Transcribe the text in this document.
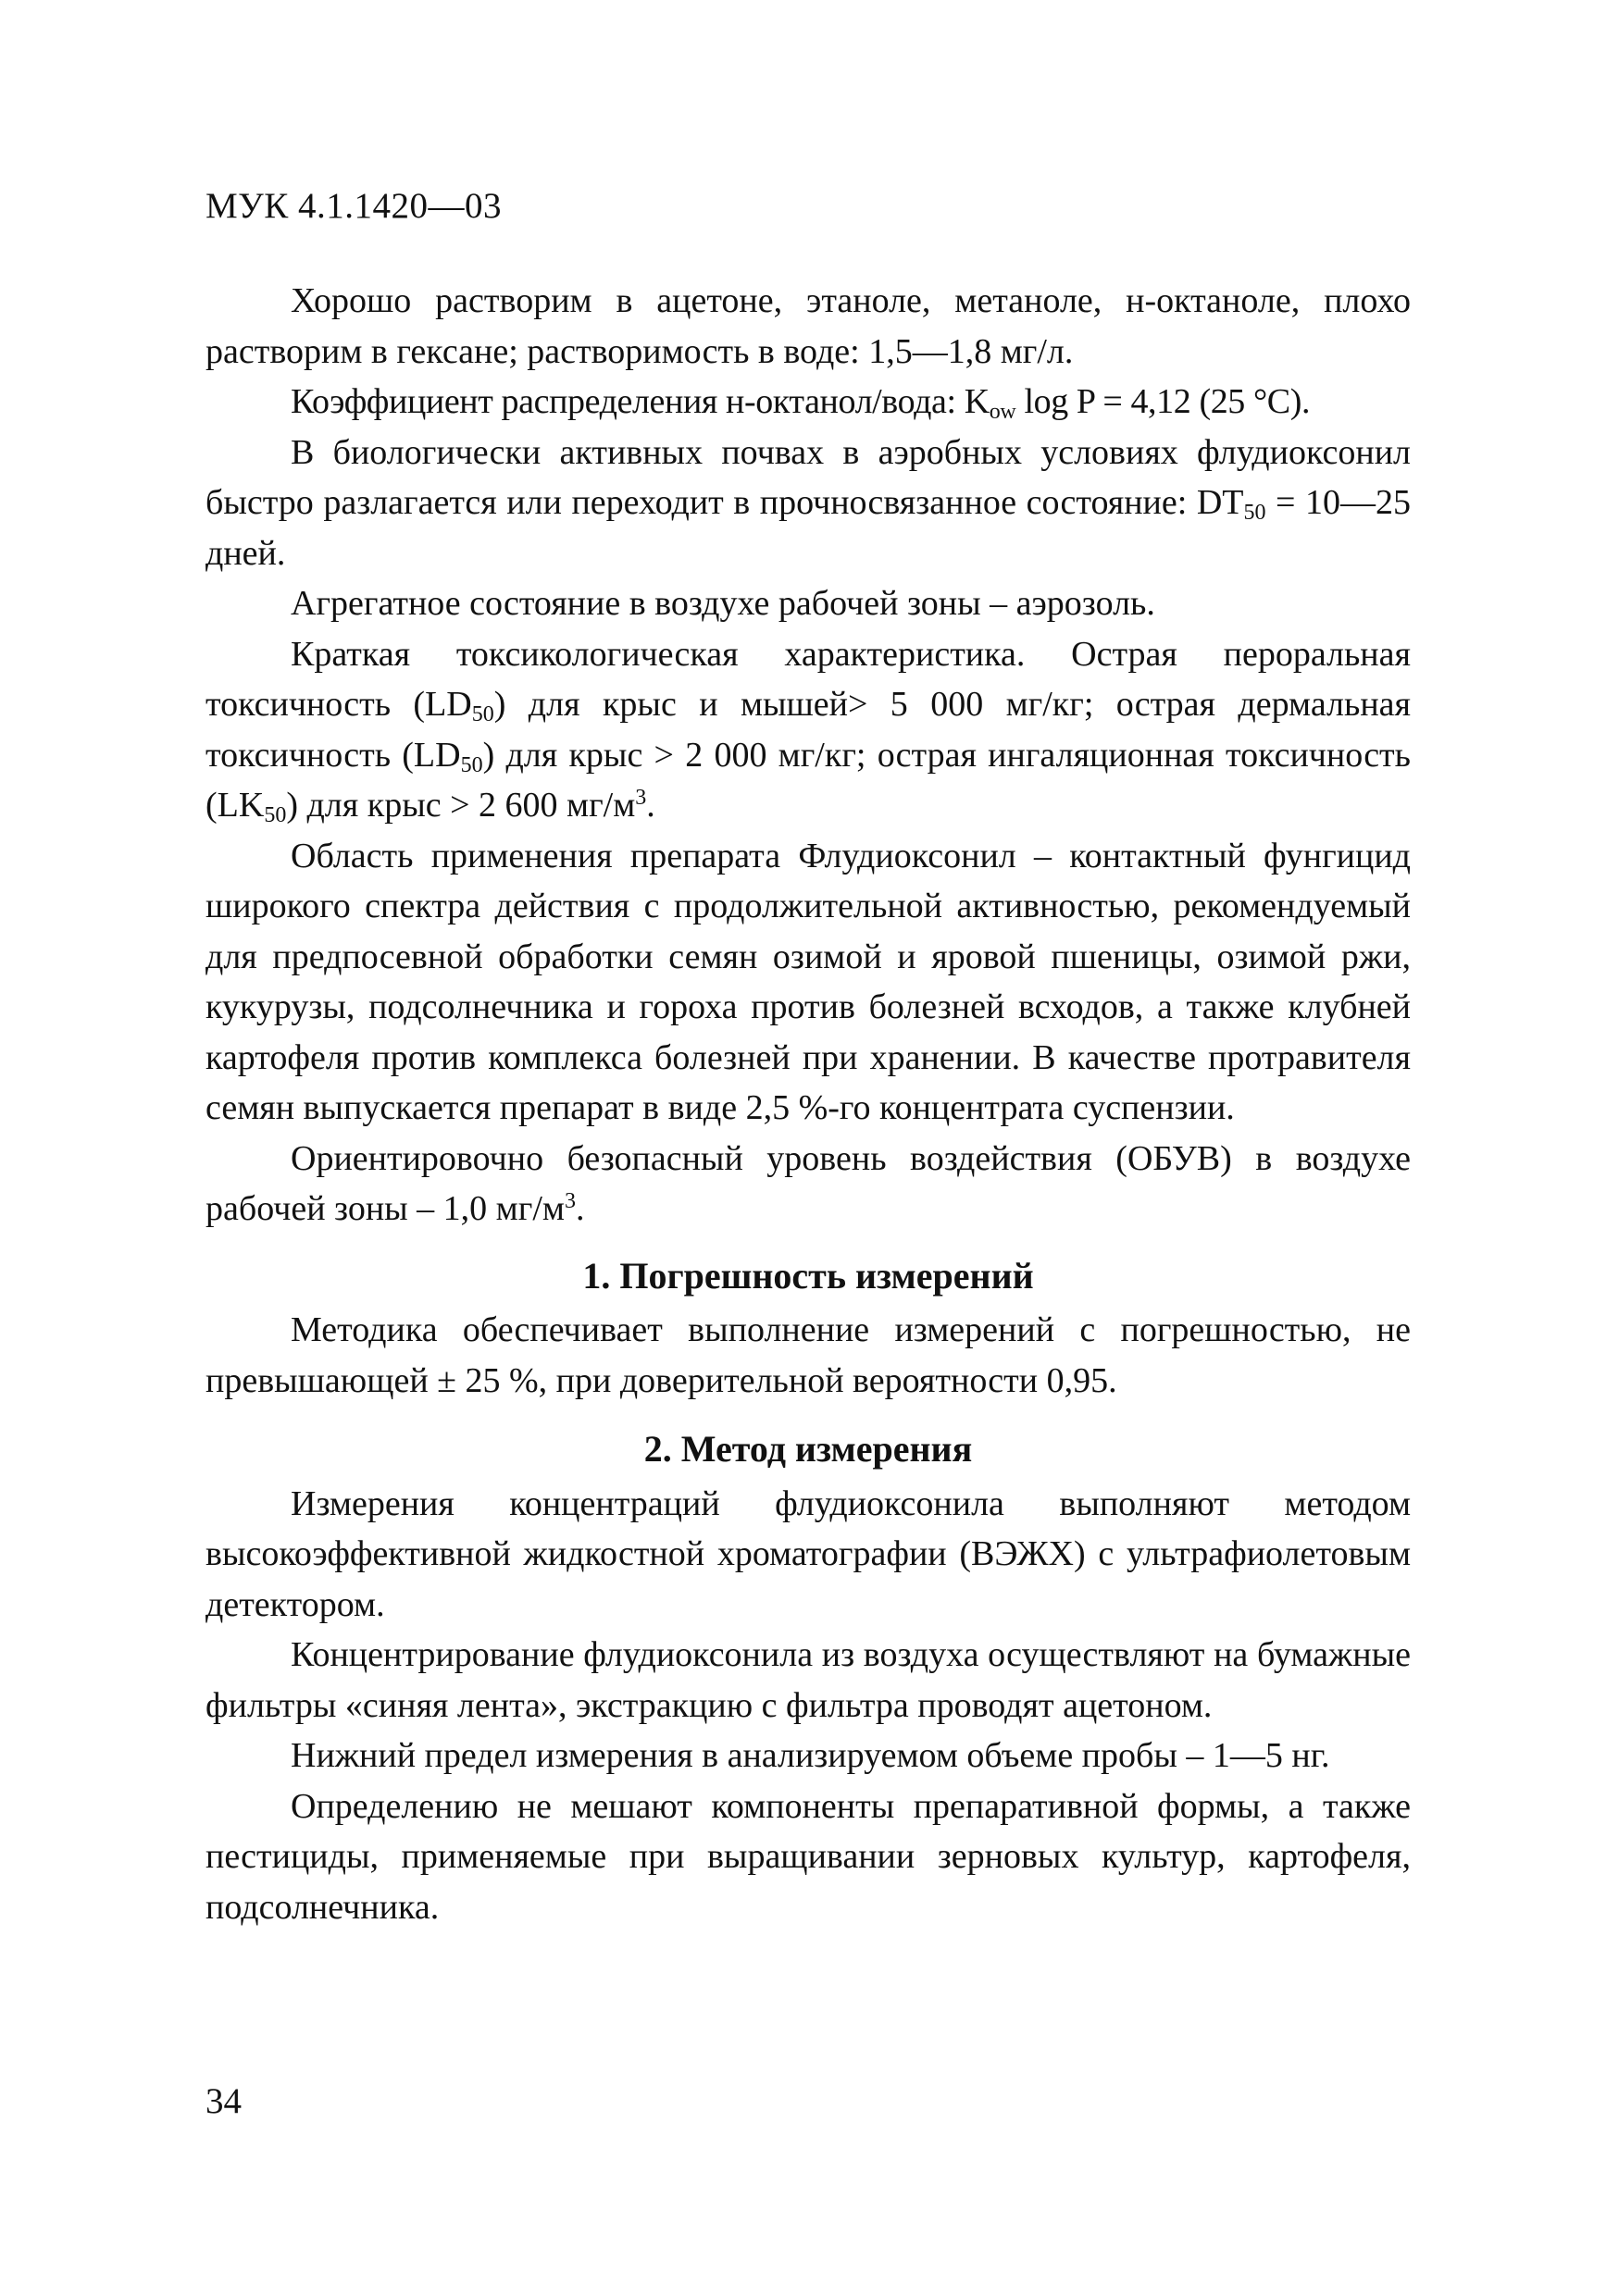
МУК 4.1.1420—03

Хорошо растворим в ацетоне, этаноле, метаноле, н-октаноле, плохо растворим в гексане; растворимость в воде: 1,5—1,8 мг/л.

Коэффициент распределения н-октанол/вода: $K_{ow}$ log P = 4,12 (25 °C).

В биологически активных почвах в аэробных условиях флудиоксонил быстро разлагается или переходит в прочносвязанное состояние: $DT_{50}$ = 10—25 дней.

Агрегатное состояние в воздухе рабочей зоны – аэрозоль.

Краткая токсикологическая характеристика. Острая пероральная токсичность $(LD_{50})$ для крыс и мышей> 5 000 мг/кг; острая дермальная токсичность $(LD_{50})$ для крыс > 2 000 мг/кг; острая ингаляционная токсичность $(LK_{50})$ для крыс > 2 600 $мг/м^3$.

Область применения препарата Флудиоксонил – контактный фунгицид широкого спектра действия с продолжительной активностью, рекомендуемый для предпосевной обработки семян озимой и яровой пшеницы, озимой ржи, кукурузы, подсолнечника и гороха против болезней всходов, а также клубней картофеля против комплекса болезней при хранении. В качестве протравителя семян выпускается препарат в виде 2,5 %-го концентрата суспензии.

Ориентировочно безопасный уровень воздействия (ОБУВ) в воздухе рабочей зоны – 1,0 $мг/м^3$.

1. Погрешность измерений

Методика обеспечивает выполнение измерений с погрешностью, не превышающей ± 25 %, при доверительной вероятности 0,95.

2. Метод измерения

Измерения концентраций флудиоксонила выполняют методом высокоэффективной жидкостной хроматографии (ВЭЖХ) с ультрафиолетовым детектором.

Концентрирование флудиоксонила из воздуха осуществляют на бумажные фильтры «синяя лента», экстракцию с фильтра проводят ацетоном.

Нижний предел измерения в анализируемом объеме пробы – 1—5 нг.

Определению не мешают компоненты препаративной формы, а также пестициды, применяемые при выращивании зерновых культур, картофеля, подсолнечника.

34
